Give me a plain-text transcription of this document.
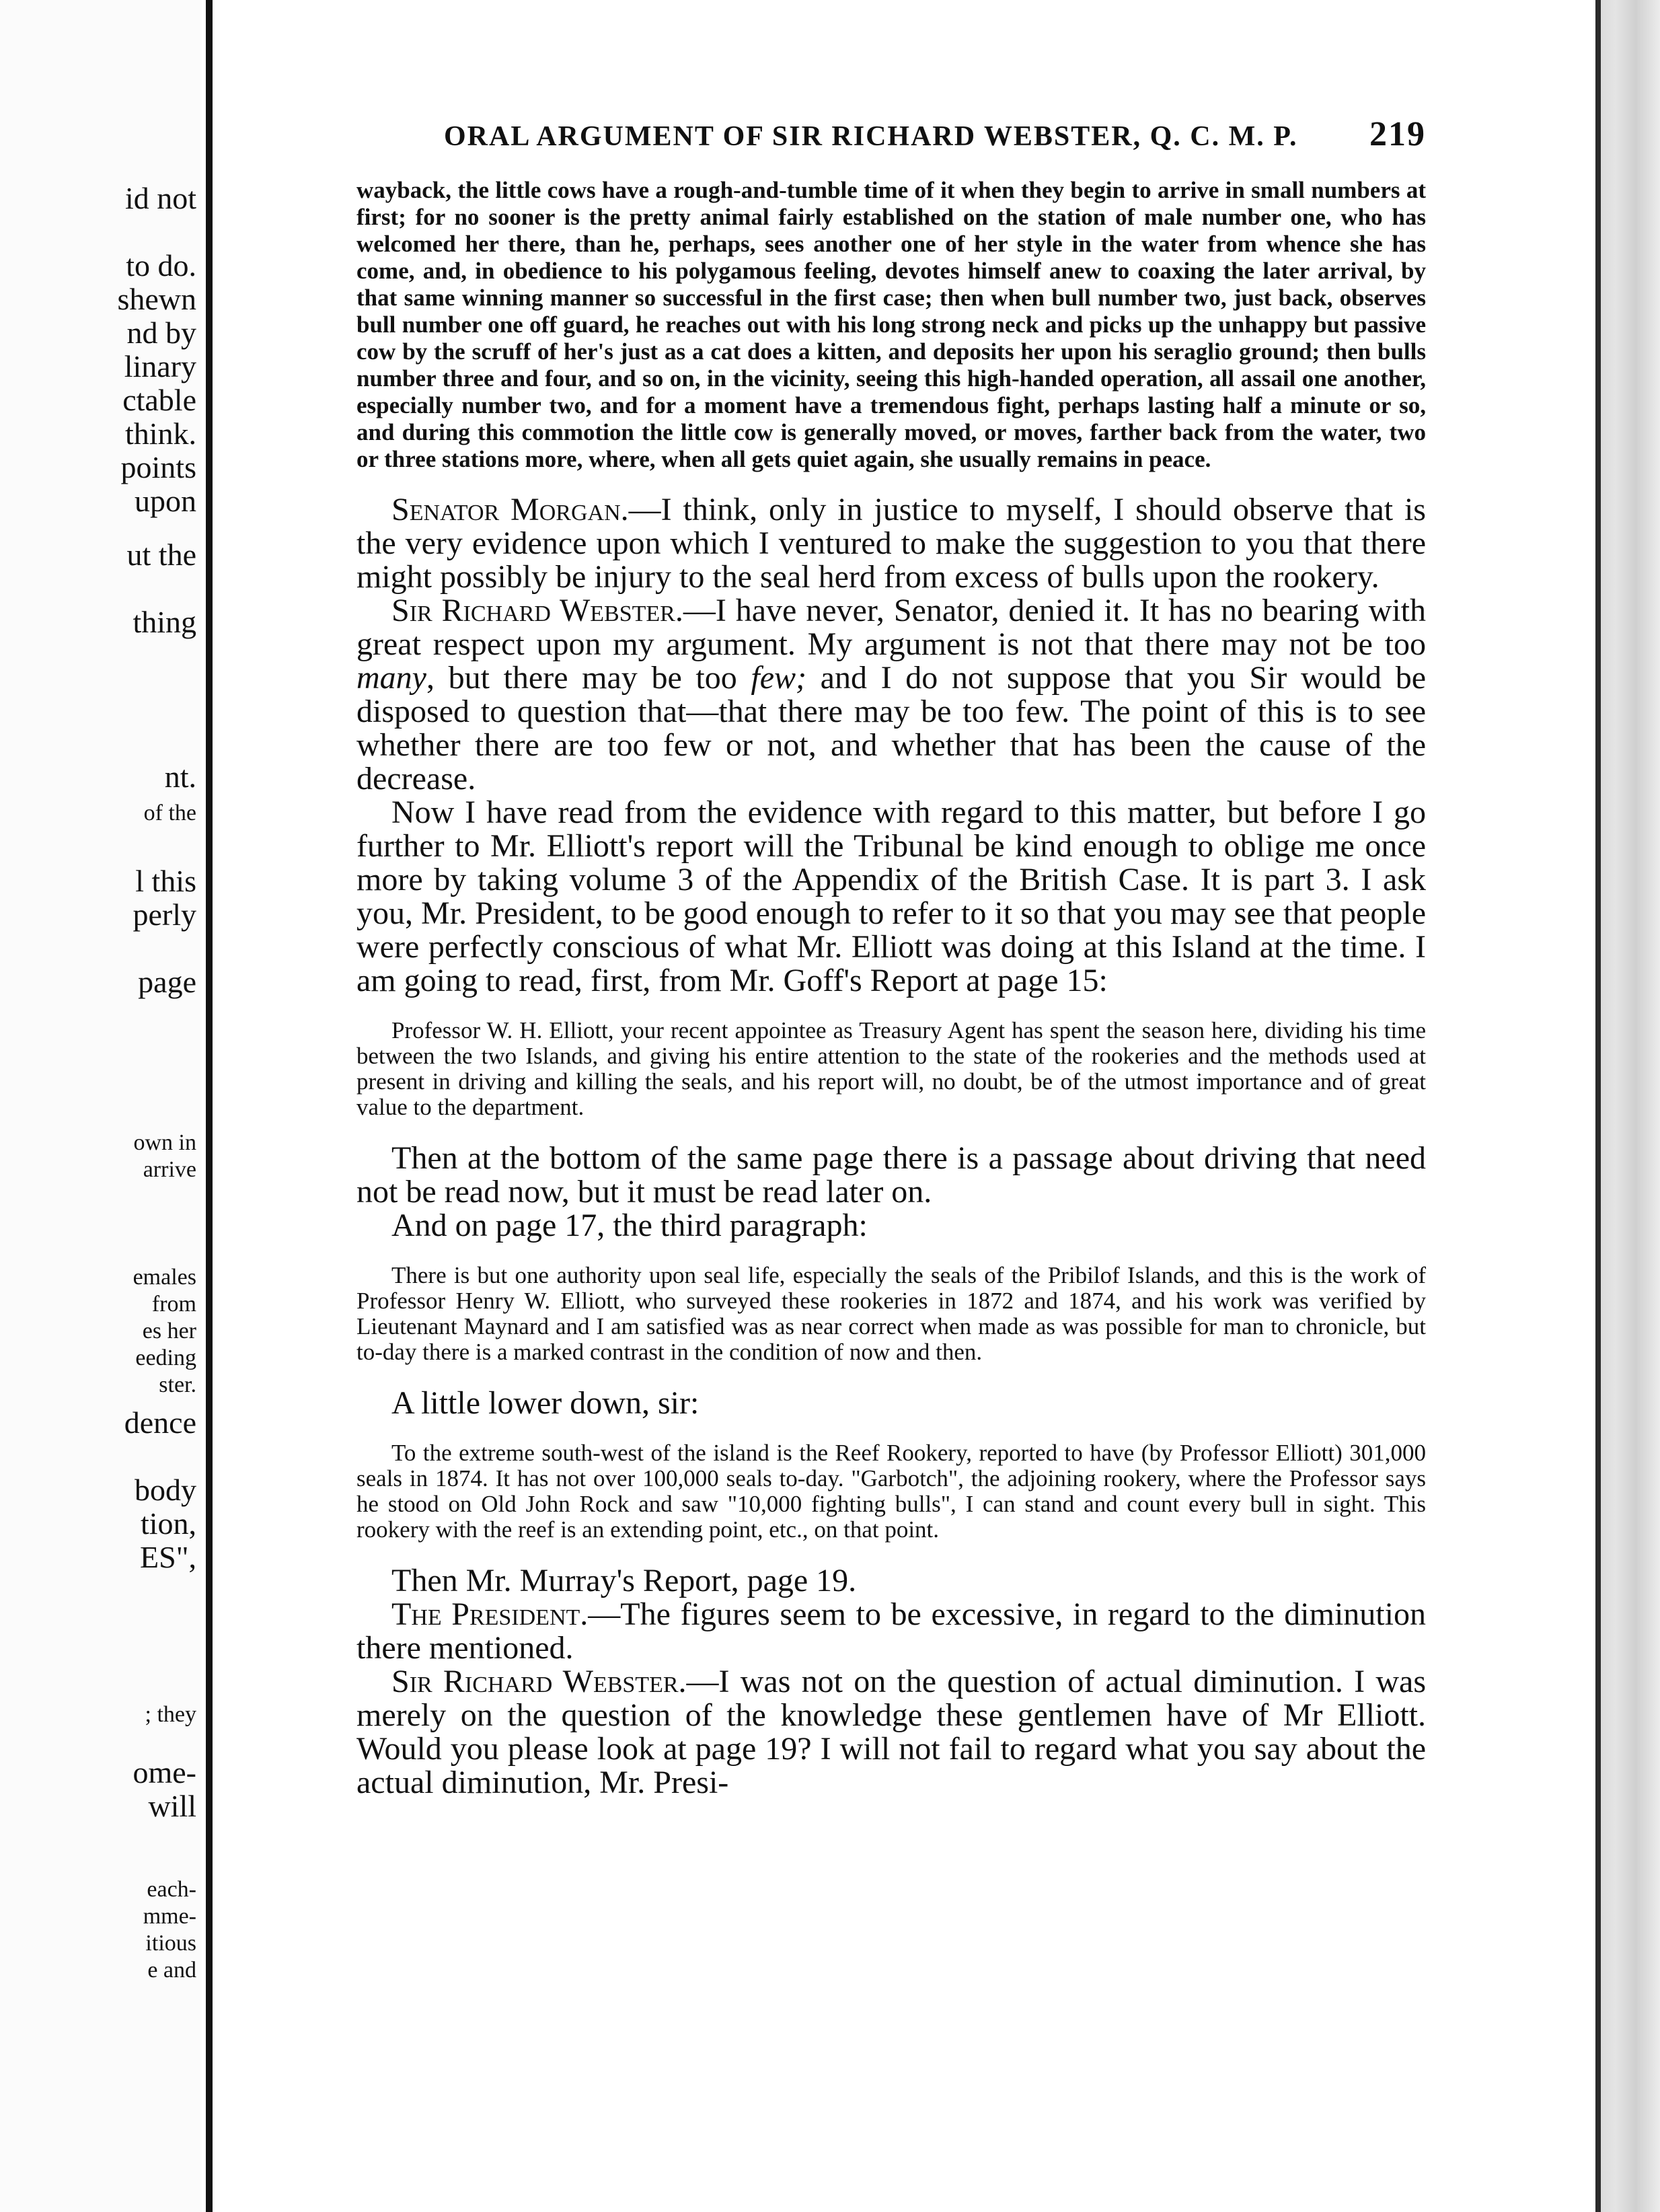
id not
to do.
shewn
nd by
linary
ctable
think.
points
upon
ut the
thing
nt.
of the
l this
perly
page
own in
arrive
emales
from
es her
eeding
ster.
dence
body
tion,
ES",
; they
ome-
will
each-
mme-
itious
e and
ORAL ARGUMENT OF SIR RICHARD WEBSTER, Q. C. M. P. 219
wayback, the little cows have a rough-and-tumble time of it when they begin to arrive in small numbers at first; for no sooner is the pretty animal fairly established on the station of male number one, who has welcomed her there, than he, perhaps, sees another one of her style in the water from whence she has come, and, in obedience to his polygamous feeling, devotes himself anew to coaxing the later arrival, by that same winning manner so successful in the first case; then when bull number two, just back, observes bull number one off guard, he reaches out with his long strong neck and picks up the unhappy but passive cow by the scruff of her's just as a cat does a kitten, and deposits her upon his seraglio ground; then bulls number three and four, and so on, in the vicinity, seeing this high-handed operation, all assail one another, especially number two, and for a moment have a tremendous fight, perhaps lasting half a minute or so, and during this commotion the little cow is generally moved, or moves, farther back from the water, two or three stations more, where, when all gets quiet again, she usually remains in peace.

Senator Morgan.—I think, only in justice to myself, I should observe that is the very evidence upon which I ventured to make the suggestion to you that there might possibly be injury to the seal herd from excess of bulls upon the rookery.

Sir Richard Webster.—I have never, Senator, denied it. It has no bearing with great respect upon my argument. My argument is not that there may not be too many, but there may be too few; and I do not suppose that you Sir would be disposed to question that—that there may be too few. The point of this is to see whether there are too few or not, and whether that has been the cause of the decrease.

Now I have read from the evidence with regard to this matter, but before I go further to Mr. Elliott's report will the Tribunal be kind enough to oblige me once more by taking volume 3 of the Appendix of the British Case. It is part 3. I ask you, Mr. President, to be good enough to refer to it so that you may see that people were perfectly conscious of what Mr. Elliott was doing at this Island at the time. I am going to read, first, from Mr. Goff's Report at page 15:

Professor W. H. Elliott, your recent appointee as Treasury Agent has spent the season here, dividing his time between the two Islands, and giving his entire attention to the state of the rookeries and the methods used at present in driving and killing the seals, and his report will, no doubt, be of the utmost importance and of great value to the department.

Then at the bottom of the same page there is a passage about driving that need not be read now, but it must be read later on.

And on page 17, the third paragraph:

There is but one authority upon seal life, especially the seals of the Pribilof Islands, and this is the work of Professor Henry W. Elliott, who surveyed these rookeries in 1872 and 1874, and his work was verified by Lieutenant Maynard and I am satisfied was as near correct when made as was possible for man to chronicle, but to-day there is a marked contrast in the condition of now and then.

A little lower down, sir:

To the extreme south-west of the island is the Reef Rookery, reported to have (by Professor Elliott) 301,000 seals in 1874. It has not over 100,000 seals to-day. "Garbotch", the adjoining rookery, where the Professor says he stood on Old John Rock and saw "10,000 fighting bulls", I can stand and count every bull in sight. This rookery with the reef is an extending point, etc., on that point.

Then Mr. Murray's Report, page 19.

The President.—The figures seem to be excessive, in regard to the diminution there mentioned.

Sir Richard Webster.—I was not on the question of actual diminution. I was merely on the question of the knowledge these gentlemen have of Mr Elliott. Would you please look at page 19? I will not fail to regard what you say about the actual diminution, Mr. Presi-
